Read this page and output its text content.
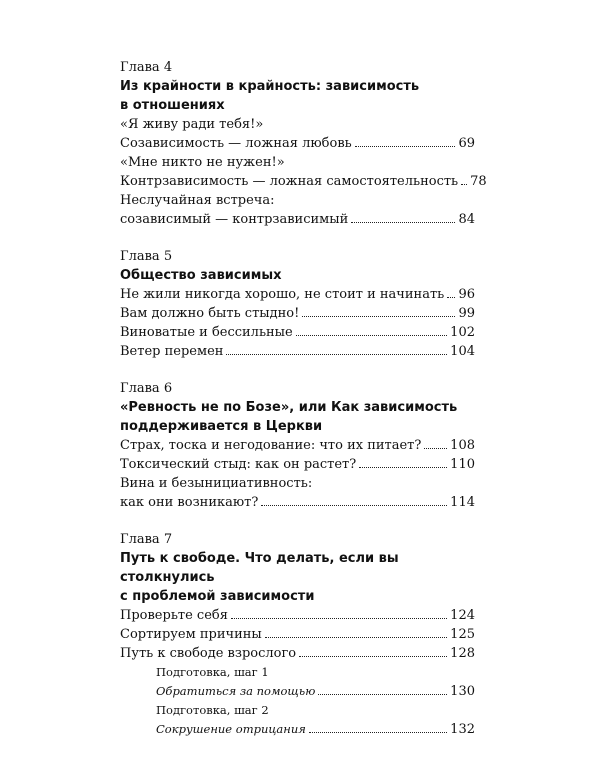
Глава 4
Из крайности в крайность: зависимость
в отношениях
«Я живу ради тебя!»
Созависимость — ложная любовь	69
«Мне никто не нужен!»
Контрзависимость — ложная самостоятельность 78
Неслучайная встреча:
созависимый — контрзависимый	84
Глава 5
Общество зависимых
Не жили никогда хорошо, не стоит и начинать 96
Вам должно быть стыдно!	99
Виноватые и бессильные	102
Ветер перемен	104
Глава 6
«Ревность не по Бозе», или Как зависимость
поддерживается в Церкви
Страх, тоска и негодование: что их питает? 108
Токсический стыд: как он растет?	110
Вина и безынициативность:
как они возникают?	114
Глава 7
Путь к свободе. Что делать, если вы столкнулись
с проблемой зависимости
Проверьте себя	124
Сортируем причины	125
Путь к свободе взрослого	128
Подготовка, шаг 1
Обратиться за помощью	130
Подготовка, шаг 2
Сокрушение отрицания	132
